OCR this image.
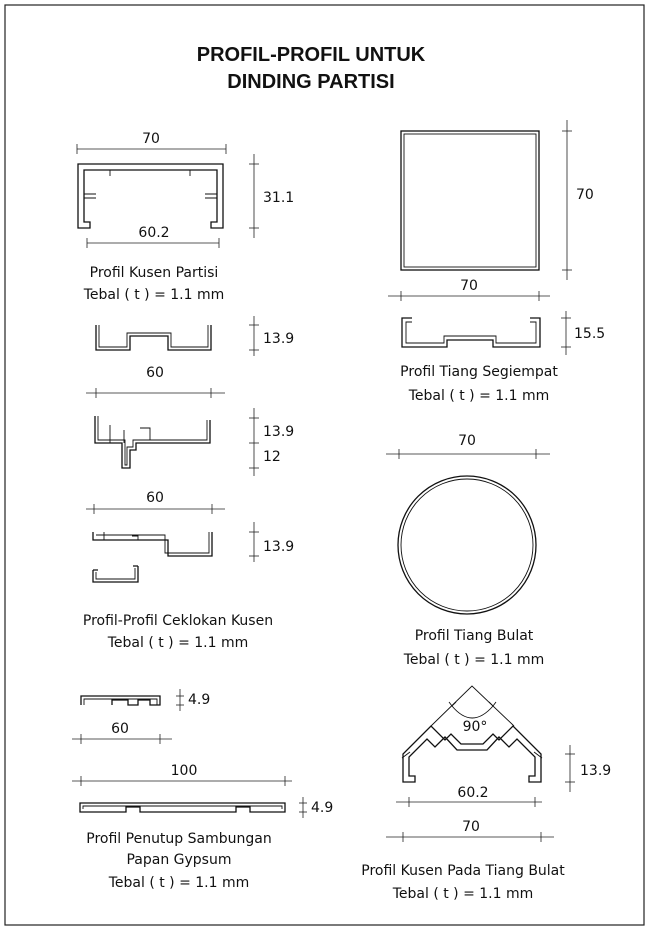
PROFIL-PROFIL UNTUK
DINDING PARTISI
70
60.2
31.1
Profil Kusen Partisi
Tebal ( t ) = 1.1 mm
70
70
15.5
Profil Tiang Segiempat
Tebal ( t ) = 1.1 mm
13.9
60
13.9
12
60
13.9
Profil-Profil Ceklokan Kusen
Tebal ( t ) = 1.1 mm
70
Profil Tiang Bulat
Tebal ( t ) = 1.1 mm
4.9
60
100
4.9
Profil Penutup Sambungan
Papan Gypsum
Tebal ( t ) = 1.1 mm
90°
13.9
60.2
70
Profil Kusen Pada Tiang Bulat
Tebal ( t ) = 1.1 mm
